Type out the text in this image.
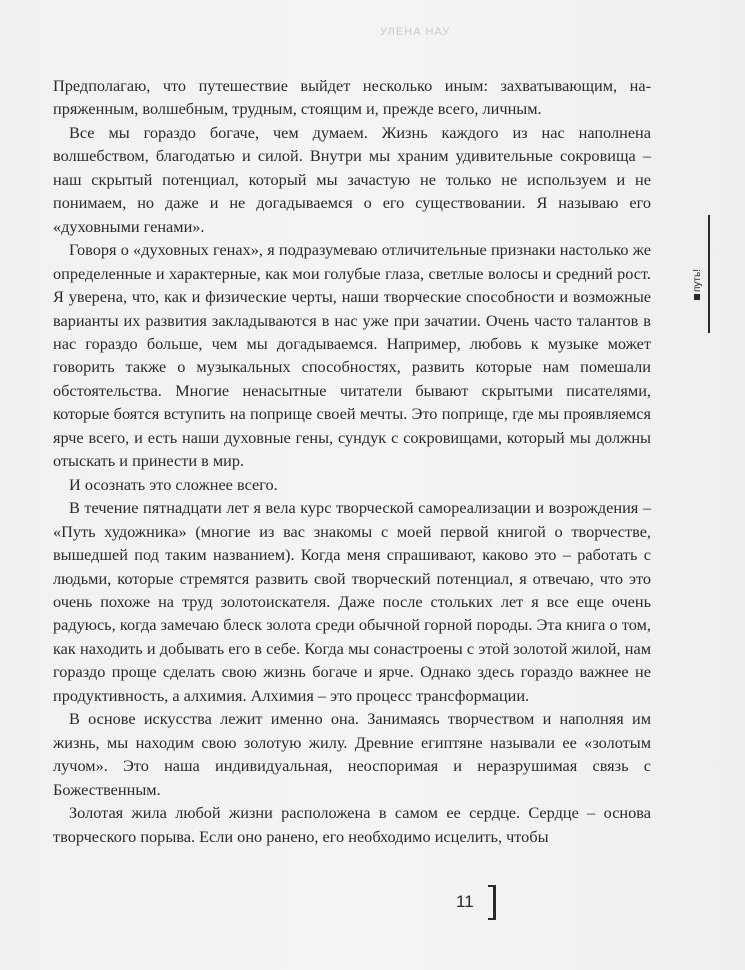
УЛЕНА НАУ

Предполагаю, что путешествие выйдет несколько иным: захватывающим, напряженным, волшебным, трудным, стоящим и, прежде всего, личным.

Все мы гораздо богаче, чем думаем. Жизнь каждого из нас наполнена волшебством, благодатью и силой. Внутри мы храним удивительные сокровища – наш скрытый потенциал, который мы зачастую не только не используем и не понимаем, но даже и не догадываемся о его существовании. Я называю его «духовными генами».

Говоря о «духовных генах», я подразумеваю отличительные признаки настолько же определенные и характерные, как мои голубые глаза, светлые волосы и средний рост. Я уверена, что, как и физические черты, наши творческие способности и возможные варианты их развития закладываются в нас уже при зачатии. Очень часто талантов в нас гораздо больше, чем мы догадываемся. Например, любовь к музыке может говорить также о музыкальных способностях, развить которые нам помешали обстоятельства. Многие ненасытные читатели бывают скрытыми писателями, которые боятся вступить на поприще своей мечты. Это поприще, где мы проявляемся ярче всего, и есть наши духовные гены, сундук с сокровищами, который мы должны отыскать и принести в мир.

И осознать это сложнее всего.

В течение пятнадцати лет я вела курс творческой самореализации и возрождения – «Путь художника» (многие из вас знакомы с моей первой книгой о творчестве, вышедшей под таким названием). Когда меня спрашивают, каково это – работать с людьми, которые стремятся развить свой творческий потенциал, я отвечаю, что это очень похоже на труд золотоискателя. Даже после стольких лет я все еще очень радуюсь, когда замечаю блеск золота среди обычной горной породы. Эта книга о том, как находить и добывать его в себе. Когда мы сонастроены с этой золотой жилой, нам гораздо проще сделать свою жизнь богаче и ярче. Однако здесь гораздо важнее не продуктивность, а алхимия. Алхимия – это процесс трансформации.

В основе искусства лежит именно она. Занимаясь творчеством и наполняя им жизнь, мы находим свою золотую жилу. Древние египтяне называли ее «золотым лучом». Это наша индивидуальная, неоспоримая и неразрушимая связь с Божественным.

Золотая жила любой жизни расположена в самом ее сердце. Сердце – основа творческого порыва. Если оно ранено, его необходимо исцелить, чтобы

путь!
11
